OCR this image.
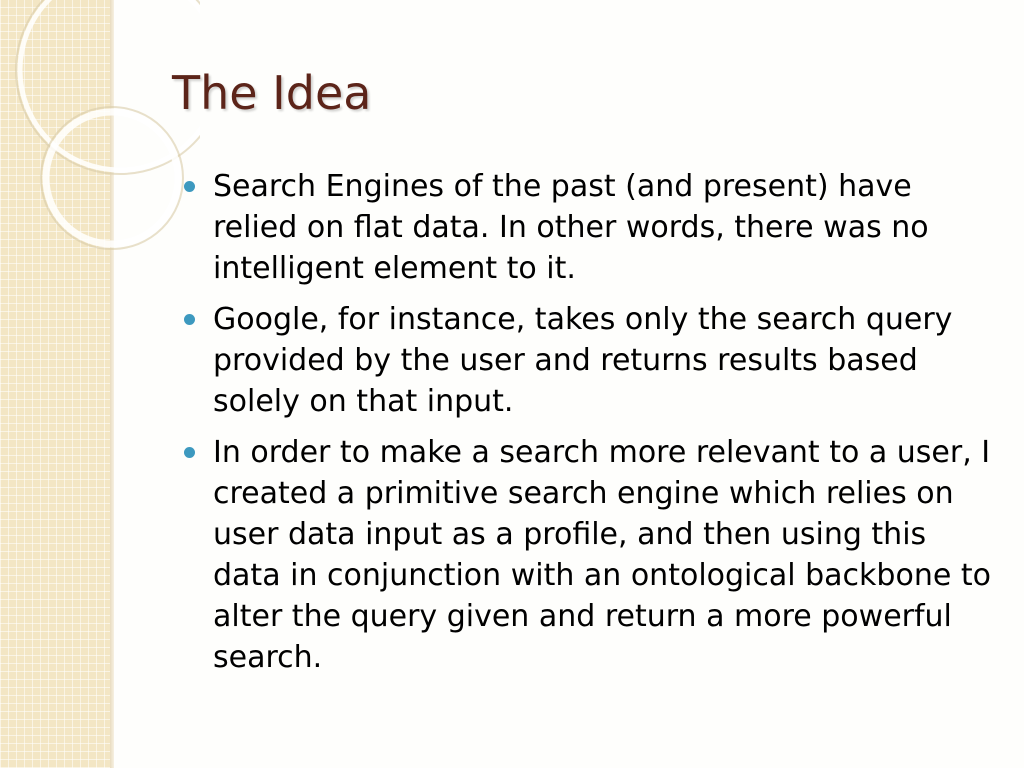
The Idea
Search Engines of the past (and present) have relied on flat data. In other words, there was no intelligent element to it.
Google, for instance, takes only the search query provided by the user and returns results based solely on that input.
In order to make a search more relevant to a user, I created a primitive search engine which relies on user data input as a profile, and then using this data in conjunction with an ontological backbone to alter the query given and return a more powerful search.
